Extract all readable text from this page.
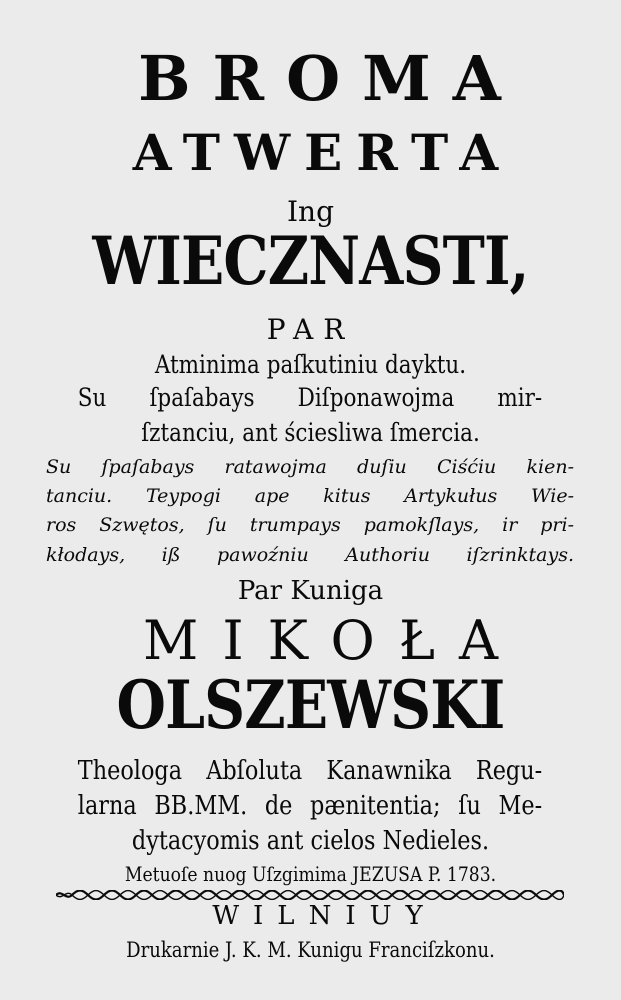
BROMA
ATWERTA
Ing
WIECZNASTI,
PAR
Atminima paſkutiniu dayktu.
Su ſpaſabays Diſponawojma mir-
ſztanciu, ant ściesliwa ſmercia.
Su ſpaſabays ratawojma duſiu Ciśćiu kien-
tanciu. Teypogi ape kitus Artykułus Wie-
ros Szwętos, ſu trumpays pamokſlays, ir pri-
kłodays, iß pawoźniu Authoriu iſzrinktays.
Par Kuniga
MIKOŁA
OLSZEWSKI
Theologa Abſoluta Kanawnika Regu-
larna BB.MM. de pænitentia; ſu Me-
dytacyomis ant cielos Nedieles.
Metuoſe nuog Uſzgimima JEZUSA P. 1783.
WILNIUY
Drukarnie J. K. M. Kunigu Franciſzkonu.
